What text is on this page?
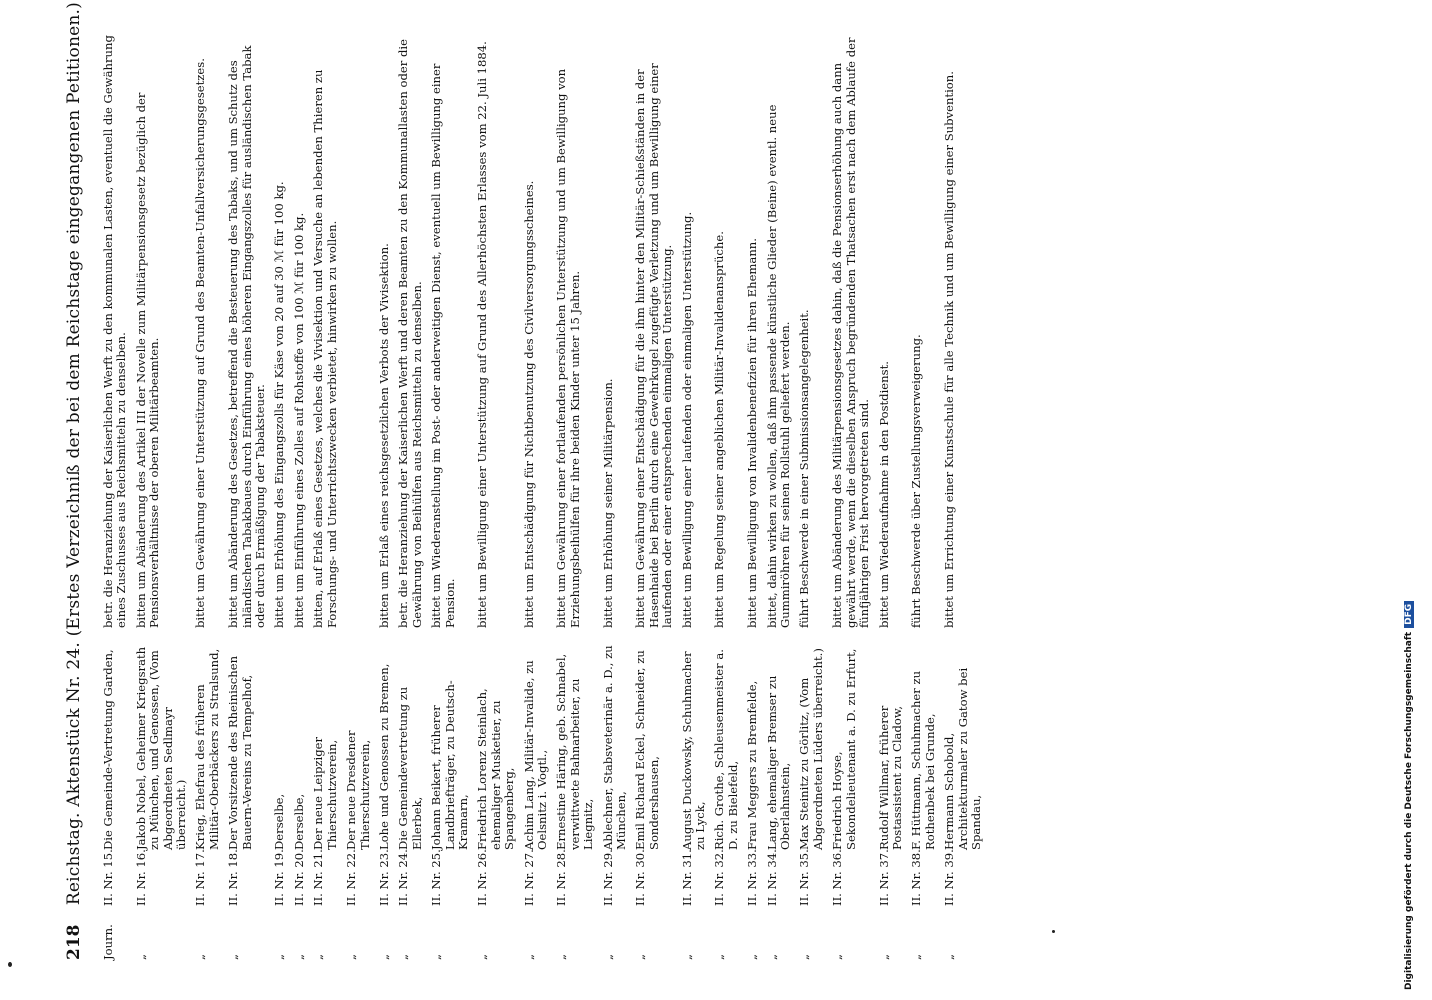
218 Reichstag. Aktenstück Nr. 24. (Erstes Verzeichniß der bei dem Reichstage eingegangenen Petitionen.)
Journ.
II. Nr. 15.
Die Gemeinde-Vertretung Garden,
betr. die Heranziehung der Kaiserlichen Werft zu den kommunalen Lasten, eventuell die Gewährung eines Zuschusses aus Reichsmitteln zu denselben.
„
II. Nr. 16.
Jakob Nobel, Geheimer Kriegsrath zu München, und Genossen, (Vom Abgeordneten Sedlmayr überreicht.)
bitten um Abänderung des Artikel III der Novelle zum Militärpensionsgesetz bezüglich der Pensionsverhältnisse der oberen Militärbeamten.
„
II. Nr. 17.
Krieg, Ehefrau des früheren Militär-Oberbäckers zu Stralsund,
bittet um Gewährung einer Unterstützung auf Grund des Beamten-Unfallversicherungsgesetzes.
„
II. Nr. 18.
Der Vorsitzende des Rheinischen Bauern-Vereins zu Tempelhof,
bittet um Abänderung des Gesetzes, betreffend die Besteuerung des Tabaks, und um Schutz des inländischen Tabakbaues durch Einführung eines höheren Eingangszolles für ausländischen Tabak oder durch Ermäßigung der Tabaksteuer.
„
II. Nr. 19.
Derselbe,
bittet um Erhöhung des Eingangszolls für Käse von 20 auf 30 ℳ für 100 kg.
„
II. Nr. 20.
Derselbe,
bittet um Einführung eines Zolles auf Rohstoffe von 100 ℳ für 100 kg.
„
II. Nr. 21.
Der neue Leipziger Thierschutzverein,
bitten, auf Erlaß eines Gesetzes, welches die Vivisektion und Versuche an lebenden Thieren zu Forschungs- und Unterrichtszwecken verbietet, hinwirken zu wollen.
„
II. Nr. 22.
Der neue Dresdener Thierschutzverein,
„
II. Nr. 23.
Lohe und Genossen zu Bremen,
bitten um Erlaß eines reichsgesetzlichen Verbots der Vivisektion.
„
II. Nr. 24.
Die Gemeindevertretung zu Ellerbek,
betr. die Heranziehung der Kaiserlichen Werft und deren Beamten zu den Kommunallasten oder die Gewährung von Beihülfen aus Reichsmitteln zu denselben.
„
II. Nr. 25.
Johann Beikert, früherer Landbriefträger, zu Deutsch-Kramarn,
bittet um Wiederanstellung im Post- oder anderweitigen Dienst, eventuell um Bewilligung einer Pension.
„
II. Nr. 26.
Friedrich Lorenz Steinlach, ehemaliger Musketier, zu Spangenberg,
bittet um Bewilligung einer Unterstützung auf Grund des Allerhöchsten Erlasses vom 22. Juli 1884.
„
II. Nr. 27.
Achim Lang, Militär-Invalide, zu Oelsnitz i. Vogtl.,
bittet um Entschädigung für Nichtbenutzung des Civilversorgungsscheines.
„
II. Nr. 28.
Ernestine Häring, geb. Schnabel, verwittwete Bahnarbeiter, zu Liegnitz,
bittet um Gewährung einer fortlaufenden persönlichen Unterstützung und um Bewilligung von Erziehungsbeihülfen für ihre beiden Kinder unter 15 Jahren.
„
II. Nr. 29.
Ablechner, Stabsveterinär a. D., zu München,
bittet um Erhöhung seiner Militärpension.
„
II. Nr. 30.
Emil Richard Eckel, Schneider, zu Sondershausen,
bittet um Gewährung einer Entschädigung für die ihm hinter den Militär-Schießständen in der Hasenhaide bei Berlin durch eine Gewehrkugel zugefügte Verletzung und um Bewilligung einer laufenden oder einer entsprechenden einmaligen Unterstützung.
„
II. Nr. 31.
August Duckowsky, Schuhmacher zu Lyck,
bittet um Bewilligung einer laufenden oder einmaligen Unterstützung.
„
II. Nr. 32.
Rich. Grothe, Schleusenmeister a. D. zu Bielefeld,
bittet um Regelung seiner angeblichen Militär-Invalidenansprüche.
„
II. Nr. 33.
Frau Meggers zu Bremfelde,
bittet um Bewilligung von Invalidenbenefizien für ihren Ehemann.
„
II. Nr. 34.
Lang, ehemaliger Bremser zu Oberlahnstein,
bittet, dahin wirken zu wollen, daß ihm passende künstliche Glieder (Beine) eventl. neue Gummiröhren für seinen Rollstuhl geliefert werden.
„
II. Nr. 35.
Max Steinitz zu Görlitz, (Vom Abgeordneten Lüders überreicht.)
führt Beschwerde in einer Submissionsangelegenheit.
„
II. Nr. 36.
Friedrich Hoyse, Sekondelieutenant a. D. zu Erfurt,
bittet um Abänderung des Militärpensionsgesetzes dahin, daß die Pensionserhöhung auch dann gewährt werde, wenn die dieselben Anspruch begründenden Thatsachen erst nach dem Ablaufe der fünfjährigen Frist hervorgetreten sind.
„
II. Nr. 37.
Rudolf Willmar, früherer Postassistent zu Cladow,
bittet um Wiederaufnahme in den Postdienst.
„
II. Nr. 38.
F. Hüttmann, Schuhmacher zu Rothenbek bei Grunde,
führt Beschwerde über Zustellungsverweigerung.
„
II. Nr. 39.
Hermann Schobold, Architekturmaler zu Gatow bei Spandau,
bittet um Errichtung einer Kunstschule für alle Technik und um Bewilligung einer Subvention.
Digitalisierung gefördert durch die Deutsche ForschungsgemeinschaftDFG
